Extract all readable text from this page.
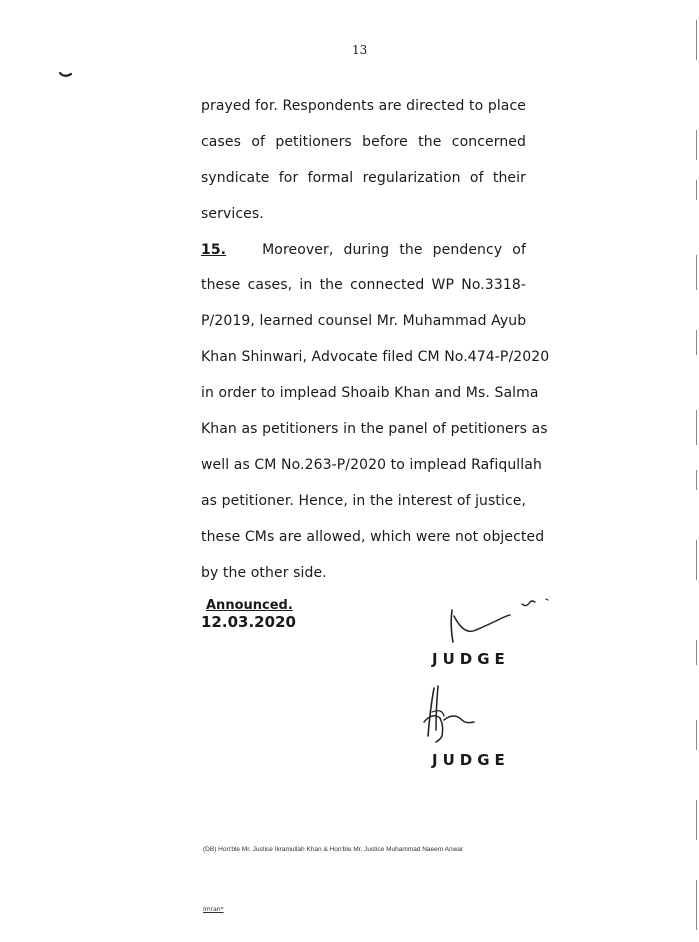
13
prayed for. Respondents are directed to place
cases of petitioners before the concerned
syndicate for formal regularization of their
services.
15.	Moreover, during the pendency of
these cases, in the connected WP No.3318-
P/2019, learned counsel Mr. Muhammad Ayub
Khan Shinwari, Advocate filed CM No.474-P/2020
in order to implead Shoaib Khan and Ms. Salma
Khan as petitioners in the panel of petitioners as
well as CM No.263-P/2020 to implead Rafiqullah
as petitioner. Hence, in the interest of justice,
these CMs are allowed, which were not objected
by the other side.
Announced.
12.03.2020
JUDGE
JUDGE
(DB) Hon'ble Mr. Justice Ikramullah Khan & Hon'ble Mr. Justice Muhammad Naeem Anwar
Imran*
